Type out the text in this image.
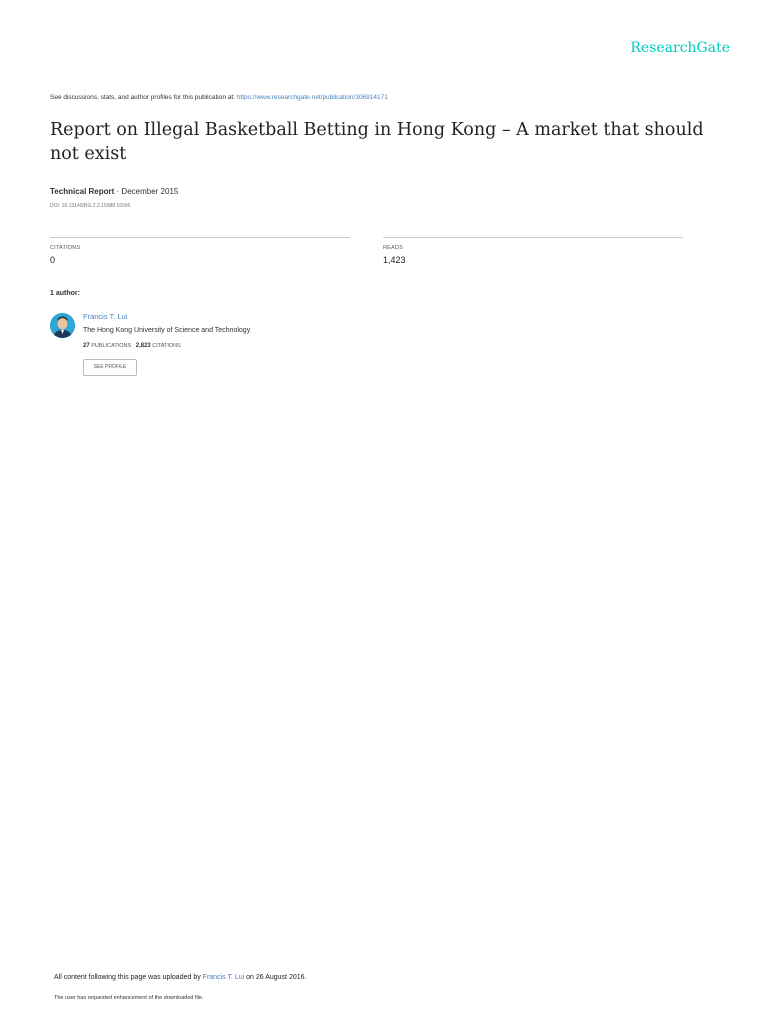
ResearchGate
See discussions, stats, and author profiles for this publication at: https://www.researchgate.net/publication/306914171
Report on Illegal Basketball Betting in Hong Kong – A market that should not exist
Technical Report · December 2015
DOI: 10.13140/RG.2.2.15988.16006
CITATIONS
0
READS
1,423
1 author:
Francis T. Lui
The Hong Kong University of Science and Technology
27 PUBLICATIONS 2,823 CITATIONS
SEE PROFILE
All content following this page was uploaded by Francis T. Lui on 26 August 2016.
The user has requested enhancement of the downloaded file.
